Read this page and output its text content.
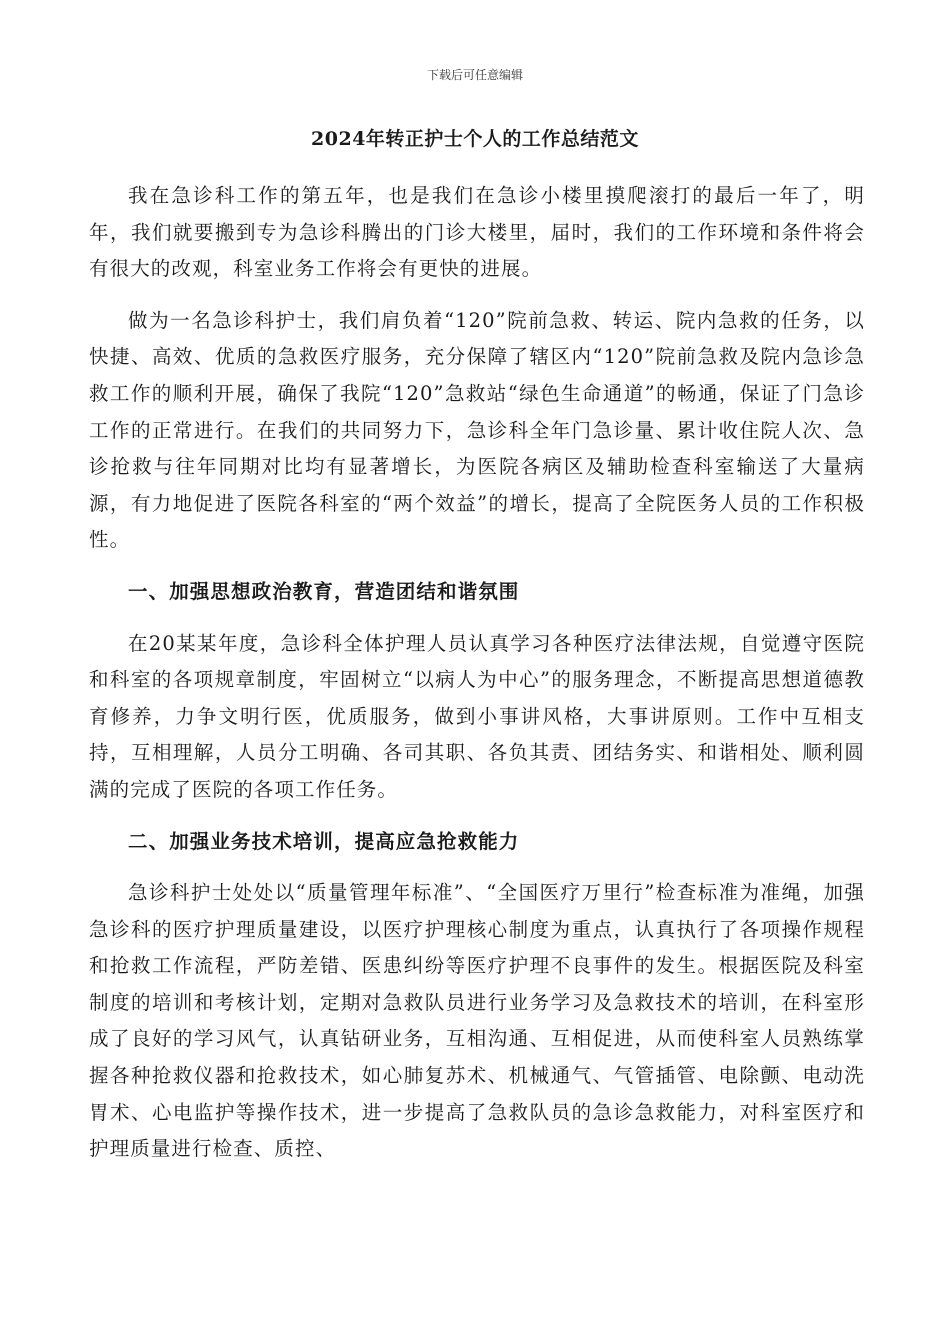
下载后可任意编辑
2024年转正护士个人的工作总结范文

我在急诊科工作的第五年，也是我们在急诊小楼里摸爬滚打的最后一年了，明年，我们就要搬到专为急诊科腾出的门诊大楼里，届时，我们的工作环境和条件将会有很大的改观，科室业务工作将会有更快的进展。

做为一名急诊科护士，我们肩负着“120”院前急救、转运、院内急救的任务，以快捷、高效、优质的急救医疗服务，充分保障了辖区内“120”院前急救及院内急诊急救工作的顺利开展，确保了我院“120”急救站“绿色生命通道”的畅通，保证了门急诊工作的正常进行。在我们的共同努力下，急诊科全年门急诊量、累计收住院人次、急诊抢救与往年同期对比均有显著增长，为医院各病区及辅助检查科室输送了大量病源，有力地促进了医院各科室的“两个效益”的增长，提高了全院医务人员的工作积极性。

一、加强思想政治教育，营造团结和谐氛围

在20某某年度，急诊科全体护理人员认真学习各种医疗法律法规，自觉遵守医院和科室的各项规章制度，牢固树立“以病人为中心”的服务理念，不断提高思想道德教育修养，力争文明行医，优质服务，做到小事讲风格，大事讲原则。工作中互相支持，互相理解，人员分工明确、各司其职、各负其责、团结务实、和谐相处、顺利圆满的完成了医院的各项工作任务。

二、加强业务技术培训，提高应急抢救能力

急诊科护士处处以“质量管理年标准”、“全国医疗万里行”检查标准为准绳，加强急诊科的医疗护理质量建设，以医疗护理核心制度为重点，认真执行了各项操作规程和抢救工作流程，严防差错、医患纠纷等医疗护理不良事件的发生。根据医院及科室制度的培训和考核计划，定期对急救队员进行业务学习及急救技术的培训，在科室形成了良好的学习风气，认真钻研业务，互相沟通、互相促进，从而使科室人员熟练掌握各种抢救仪器和抢救技术，如心肺复苏术、机械通气、气管插管、电除颤、电动洗胃术、心电监护等操作技术，进一步提高了急救队员的急诊急救能力，对科室医疗和护理质量进行检查、质控、
